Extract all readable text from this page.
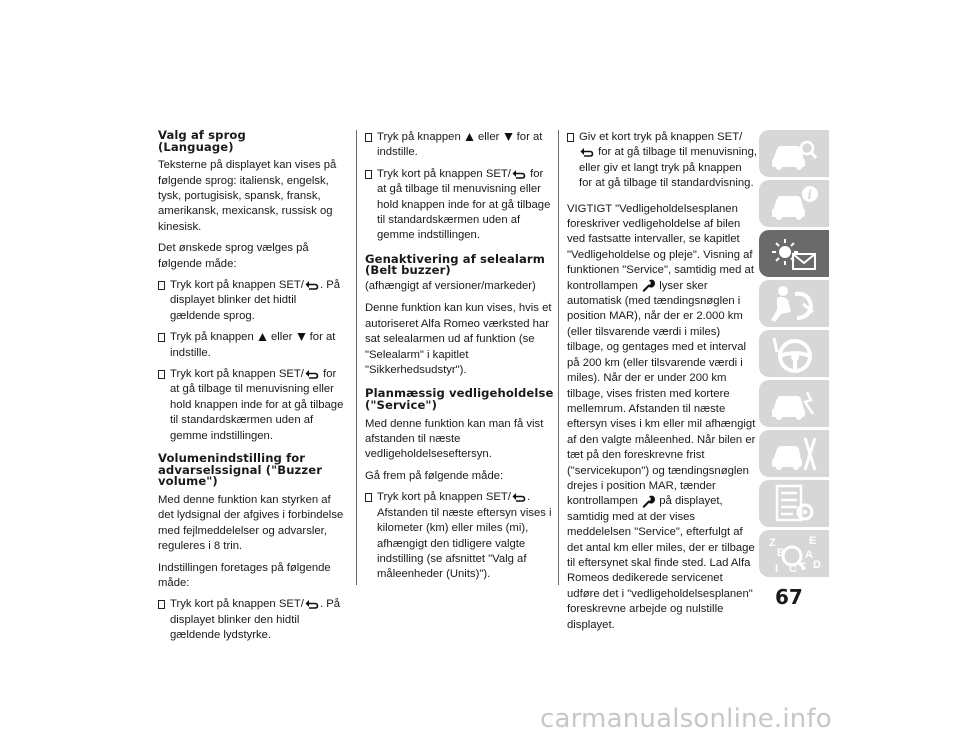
Valg af sprog
(Language)
Teksterne på displayet kan vises på følgende sprog: italiensk, engelsk, tysk, portugisisk, spansk, fransk, amerikansk, mexicansk, russisk og kinesisk.
Det ønskede sprog vælges på følgende måde:
Tryk kort på knappen SET/ . På displayet blinker det hidtil gældende sprog.
Tryk på knappen eller for at indstille.
Tryk kort på knappen SET/ for at gå tilbage til menuvisning eller hold knappen inde for at gå tilbage til standardskærmen uden af gemme indstillingen.
Volumenindstilling for advarselssignal ("Buzzer volume")
Med denne funktion kan styrken af det lydsignal der afgives i forbindelse med fejlmeddelelser og advarsler, reguleres i 8 trin.
Indstillingen foretages på følgende måde:
Tryk kort på knappen SET/ . På displayet blinker den hidtil gældende lydstyrke.
Tryk på knappen eller for at indstille.
Tryk kort på knappen SET/ for at gå tilbage til menuvisning eller hold knappen inde for at gå tilbage til standardskærmen uden af gemme indstillingen.
Genaktivering af selealarm (Belt buzzer)
(afhængigt af versioner/markeder)
Denne funktion kan kun vises, hvis et autoriseret Alfa Romeo værksted har sat selealarmen ud af funktion (se "Selealarm" i kapitlet "Sikkerhedsudstyr").
Planmæssig vedligeholdelse ("Service")
Med denne funktion kan man få vist afstanden til næste vedligeholdelseseftersyn.
Gå frem på følgende måde:
Tryk kort på knappen SET/ . Afstanden til næste eftersyn vises i kilometer (km) eller miles (mi), afhængigt den tidligere valgte indstilling (se afsnittet "Valg af måleenheder (Units)").
Giv et kort tryk på knappen SET/ for at gå tilbage til menuvisning, eller giv et langt tryk på knappen for at gå tilbage til standardvisning.
VIGTIGT "Vedligeholdelsesplanen foreskriver vedligeholdelse af bilen ved fastsatte intervaller, se kapitlet "Vedligeholdelse og pleje". Visning af funktionen "Service", samtidig med at kontrollampen lyser sker automatisk (med tændingsnøglen i position MAR), når der er 2.000 km (eller tilsvarende værdi i miles) tilbage, og gentages med et interval på 200 km (eller tilsvarende værdi i miles). Når der er under 200 km tilbage, vises fristen med kortere mellemrum. Afstanden til næste eftersyn vises i km eller mil afhængigt af den valgte måleenhed. Når bilen er tæt på den foreskrevne frist ("servicekupon") og tændingsnøglen drejes i position MAR, tænder kontrollampen på displayet, samtidig med at der vises meddelelsen "Service", efterfulgt af det antal km eller miles, der er tilbage til eftersynet skal finde sted. Lad Alfa Romeos dedikerede servicenet udføre det i "vedligeholdelsesplanen" foreskrevne arbejde og nulstille displayet.
i
Z	E
B A
I C T D
67
carmanualsonline.info
